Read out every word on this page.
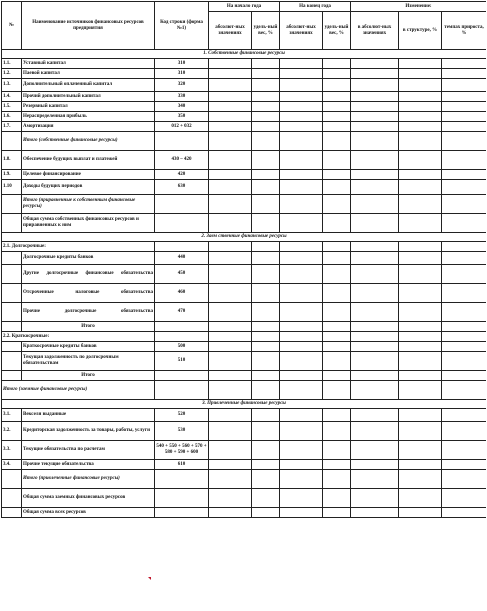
№	Наименование источников финансовых ресурсов предприятия	Код строки (форма №1)	На начало года		На конец года		Изменение:		
			абсолют-ных значениях	удель-ный вес, %	абсолют-ных значениях	удель-ный вес, %	в абсолют-ных значениях	в структуре, %	темпах прироста, %
1. Собственные финансовые ресурсы									
1.1.	Уставный капитал	310							
1.2.	Паевой капитал	310							
1.3.	Дополнительный оплаченный капитал	320							
1.4.	Прочий дополнительный капитал	330							
1.5.	Резервный капитал	340							
1.6.	Нераспределенная прибыль	350							
1.7.	Амортизация	012 + 032							
	Итого (собственные финансовые ресурсы)								
1.8.	Обеспечение будущих выплат и платежей	430 – 420							
1.9.	Целевое финансирование	420							
1.10	Доходы будущих периодов	630							
	Итого (приравненные к собственным финансовые ресурсы)								
	Общая сумма собственных финансовых ресурсов и приравненных к ним								
2. Заем ственные финансовые ресурсы									
2.1. Долгосрочные:									
	Долгосрочные кредиты банков	440							
	Другие долгосрочные финансовые обязательства	450							
	Отсроченные налоговые обязательства	460							
	Прочие долгосрочные обязательства	470							
	Итого								
2.2. Краткосрочные:									
	Краткосрочные кредиты банков	500							
	Текущая задолженность по долгосрочным обязательствам	510							
	Итого								
Итого (заемные финансовые ресурсы)									
3. Привлеченные финансовые ресурсы									
3.1.	Векселя выданные	520							
3.2.	Кредиторская задолженность за товары, работы, услуги	530							
3.3.	Текущие обязательства по расчетам	540 + 550 + 560 + 570 + 580 + 590 + 600							
3.4.	Прочие текущие обязательства	610							
	Итого (привлеченные финансовые ресурсы)								
	Общая сумма заемных финансовых ресурсов								
	Общая сумма всех ресурсов								
